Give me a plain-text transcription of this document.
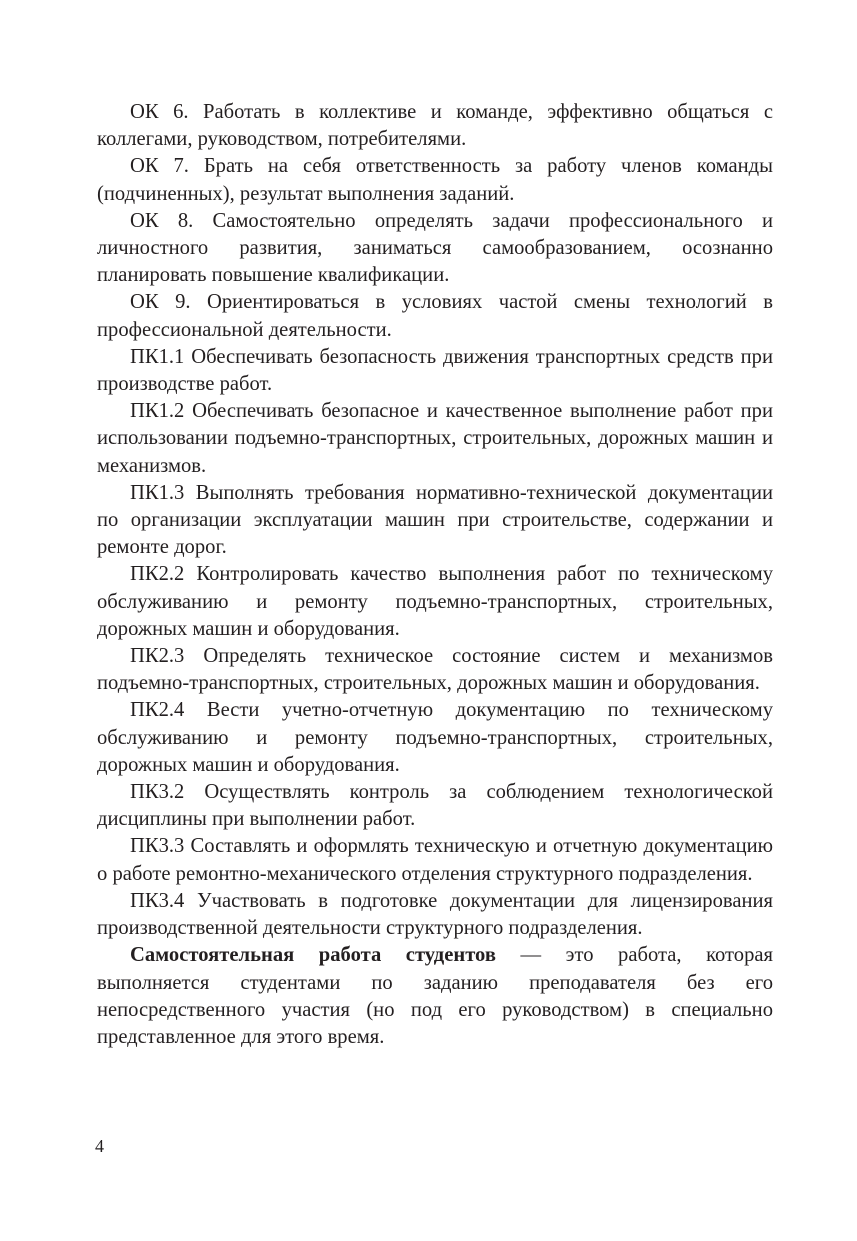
ОК 6. Работать в коллективе и команде, эффективно общаться с коллегами, руководством, потребителями.

ОК 7. Брать на себя ответственность за работу членов команды (подчиненных), результат выполнения заданий.

ОК 8. Самостоятельно определять задачи профессионального и личностного развития, заниматься самообразованием, осознанно планировать повышение квалификации.

ОК 9. Ориентироваться в условиях частой смены технологий в профессиональной деятельности.

ПК1.1 Обеспечивать безопасность движения транспортных средств при производстве работ.

ПК1.2 Обеспечивать безопасное и качественное выполнение работ при использовании подъемно-транспортных, строительных, дорожных машин и механизмов.

ПК1.3 Выполнять требования нормативно-технической документации по организации эксплуатации машин при строительстве, содержании и ремонте дорог.

ПК2.2 Контролировать качество выполнения работ по техническому обслуживанию и ремонту подъемно-транспортных, строительных, дорожных машин и оборудования.

ПК2.3 Определять техническое состояние систем и механизмов подъемно-транспортных, строительных, дорожных машин и оборудования.

ПК2.4 Вести учетно-отчетную документацию по техническому обслуживанию и ремонту подъемно-транспортных, строительных, дорожных машин и оборудования.

ПК3.2 Осуществлять контроль за соблюдением технологической дисциплины при выполнении работ.

ПК3.3 Составлять и оформлять техническую и отчетную документацию о работе ремонтно-механического отделения структурного подразделения.

ПК3.4 Участвовать в подготовке документации для лицензирования производственной деятельности структурного подразделения.

Самостоятельная работа студентов — это работа, которая выполняется студентами по заданию преподавателя без его непосредственного участия (но под его руководством) в специально представленное для этого время.

4
